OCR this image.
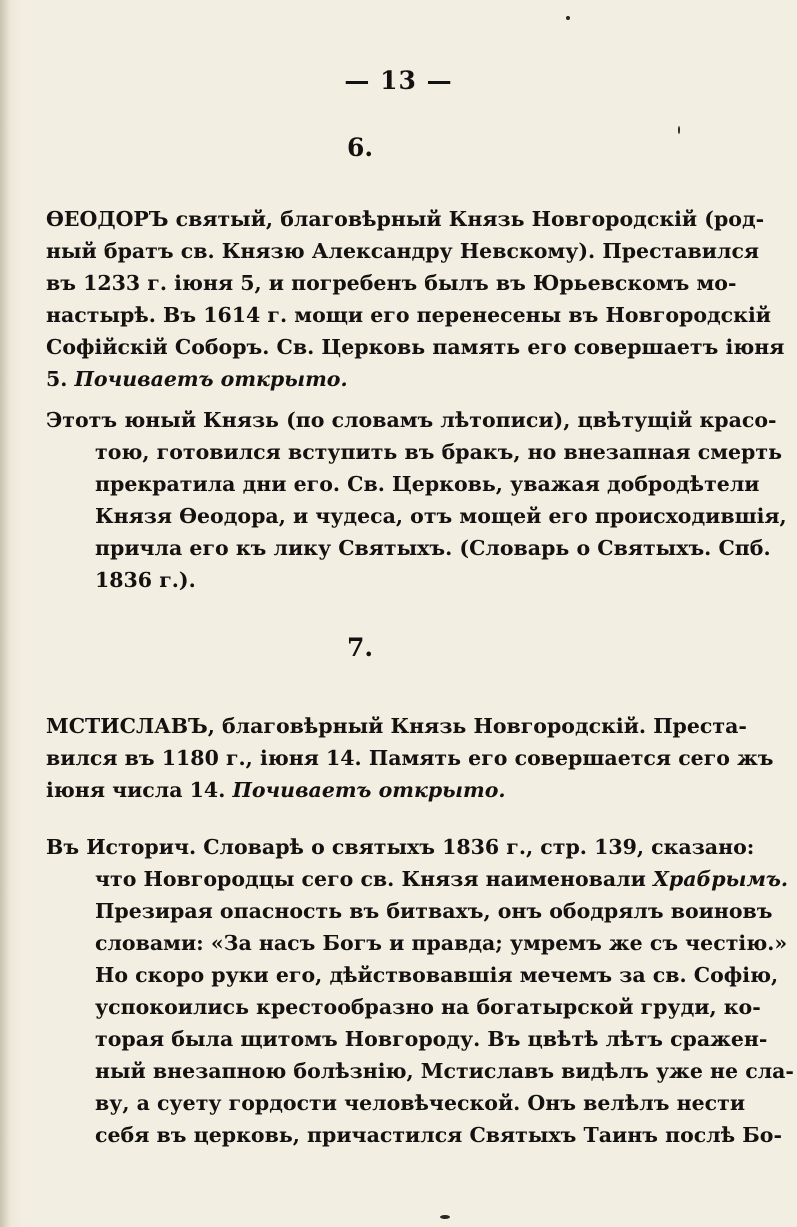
— 13 —
6.
ѲЕОДОРЪ святый, благовѣрный Князь Новгородскій (род-
ный братъ св. Князю Александру Невскому). Преставился
въ 1233 г. іюня 5, и погребенъ былъ въ Юрьевскомъ мо-
настырѣ. Въ 1614 г. мощи его перенесены въ Новгородскій
Софійскій Соборъ. Св. Церковь память его совершаетъ іюня
5. Почиваетъ открыто.
Этотъ юный Князь (по словамъ лѣтописи), цвѣтущій красо-
тою, готовился вступить въ бракъ, но внезапная смерть
прекратила дни его. Св. Церковь, уважая добродѣтели
Князя Ѳеодора, и чудеса, отъ мощей его происходившія,
причла его къ лику Святыхъ. (Словарь о Святыхъ. Спб.
1836 г.).
7.
МСТИСЛАВЪ, благовѣрный Князь Новгородскій. Преста-
вился въ 1180 г., іюня 14. Память его совершается сего жъ
іюня числа 14. Почиваетъ открыто.
Въ Историч. Словарѣ о святыхъ 1836 г., стр. 139, сказано:
что Новгородцы сего св. Князя наименовали Храбрымъ.
Презирая опасность въ битвахъ, онъ ободрялъ воиновъ
словами: «За насъ Богъ и правда; умремъ же съ честію.»
Но скоро руки его, дѣйствовавшія мечемъ за св. Софію,
успокоились крестообразно на богатырской груди, ко-
торая была щитомъ Новгороду. Въ цвѣтѣ лѣтъ сражен-
ный внезапною болѣзнію, Мстиславъ видѣлъ уже не сла-
ву, а суету гордости человѣческой. Онъ велѣлъ нести
себя въ церковь, причастился Святыхъ Таинъ послѣ Бо-
